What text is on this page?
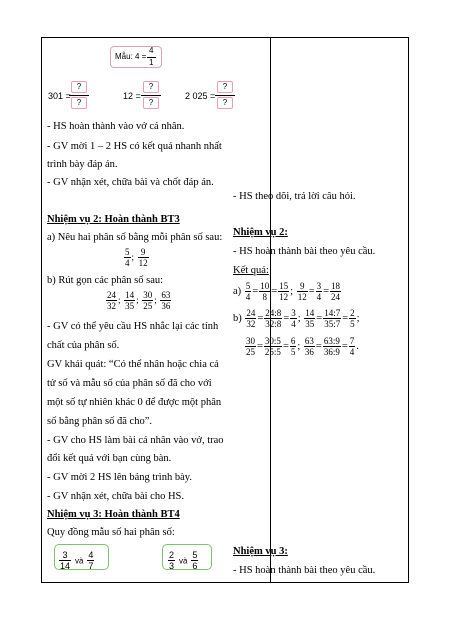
Mẫu: 4 =
4
1
301 =
?
?
12 =
?
?
2 025 =
?
?
- HS hoàn thành vào vở cá nhân.
- GV mời 1 – 2 HS có kết quả nhanh nhất
trình bày đáp án.
- GV nhận xét, chữa bài và chốt đáp án.
Nhiệm vụ 2: Hoàn thành BT3
a) Nêu hai phân số bằng mỗi phân số sau:
$\frac{5}{4}$ ; $\frac{9}{12}$
b) Rút gọn các phân số sau:
$\frac{24}{32}$ ; $\frac{14}{35}$ ; $\frac{30}{25}$ ; $\frac{63}{36}$
- GV có thể yêu cầu HS nhắc lại các tính
chất của phân số.
GV khái quát: “Có thể nhân hoặc chia cả
tử số và mẫu số của phân số đã cho với
một số tự nhiên khác 0 để được một phân
số bằng phân số đã cho”.
- GV cho HS làm bài cá nhân vào vở, trao
đổi kết quả với bạn cùng bàn.
- GV mời 2 HS lên bảng trình bày.
- GV nhận xét, chữa bài cho HS.
Nhiệm vụ 3: Hoàn thành BT4
Quy đồng mẫu số hai phân số:
$\frac{3}{14}$ và $\frac{4}{7}$	$\frac{2}{3}$ và $\frac{5}{6}$
- HS theo dõi, trả lời câu hỏi.
Nhiệm vụ 2:
- HS hoàn thành bài theo yêu cầu.
Kết quả:
$a) \frac{5}{4} = \frac{10}{8} = \frac{15}{12}$ ; $\frac{9}{12} = \frac{3}{4} = \frac{18}{24}$
$b) \frac{24}{32} = \frac{24:8}{32:8} = \frac{3}{4}$ ; $\frac{14}{35} = \frac{14:7}{35:7} = \frac{2}{5}$ ;
$\frac{30}{25} = \frac{30:5}{25:5} = \frac{6}{5}$ ; $\frac{63}{36} = \frac{63:9}{36:9} = \frac{7}{4}$ .
Nhiệm vụ 3:
- HS hoàn thành bài theo yêu cầu.
